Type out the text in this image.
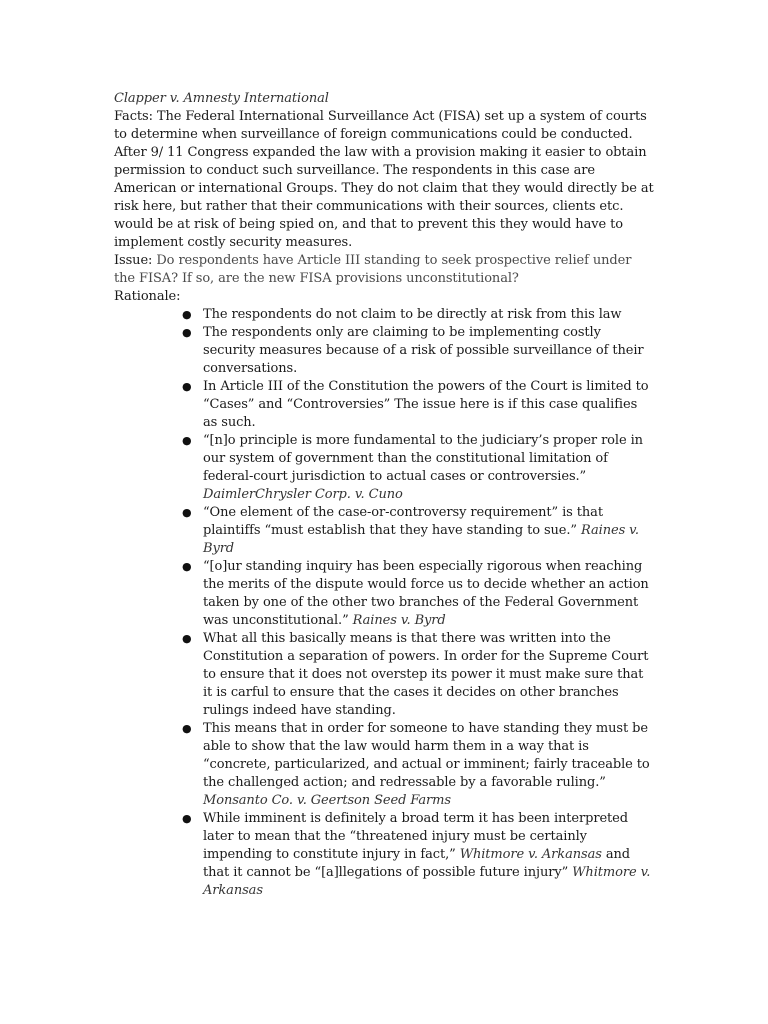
Clapper v. Amnesty International
Facts: The Federal International Surveillance Act (FISA) set up a system of courts to determine when surveillance of foreign communications could be conducted. After 9/ 11 Congress expanded the law with a provision making it easier to obtain permission to conduct such surveillance. The respondents in this case are American or international Groups. They do not claim that they would directly be at risk here, but rather that their communications with their sources, clients etc. would be at risk of being spied on, and that to prevent this they would have to implement costly security measures.
Issue: Do respondents have Article III standing to seek prospective relief under the FISA? If so, are the new FISA provisions unconstitutional?
Rationale:
● The respondents do not claim to be directly at risk from this law
● The respondents only are claiming to be implementing costly security measures because of a risk of possible surveillance of their conversations.
● In Article III of the Constitution the powers of the Court is limited to “Cases” and “Controversies” The issue here is if this case qualifies as such.
● “[n]o principle is more fundamental to the judiciary’s proper role in our system of government than the constitutional limitation of federal-court jurisdiction to actual cases or controversies.” DaimlerChrysler Corp. v. Cuno
● “One element of the case-or-controversy requirement” is that plaintiffs “must establish that they have standing to sue.” Raines v. Byrd
● “[o]ur standing inquiry has been especially rigorous when reaching the merits of the dispute would force us to decide whether an action taken by one of the other two branches of the Federal Government was unconstitutional.” Raines v. Byrd
● What all this basically means is that there was written into the Constitution a separation of powers. In order for the Supreme Court to ensure that it does not overstep its power it must make sure that it is carful to ensure that the cases it decides on other branches rulings indeed have standing.
● This means that in order for someone to have standing they must be able to show that the law would harm them in a way that is “concrete, particularized, and actual or imminent; fairly traceable to the challenged action; and redressable by a favorable ruling.” Monsanto Co. v. Geertson Seed Farms
● While imminent is definitely a broad term it has been interpreted later to mean that the “threatened injury must be certainly impending to constitute injury in fact,” Whitmore v. Arkansas and that it cannot be “[a]llegations of possible future injury” Whitmore v. Arkansas
